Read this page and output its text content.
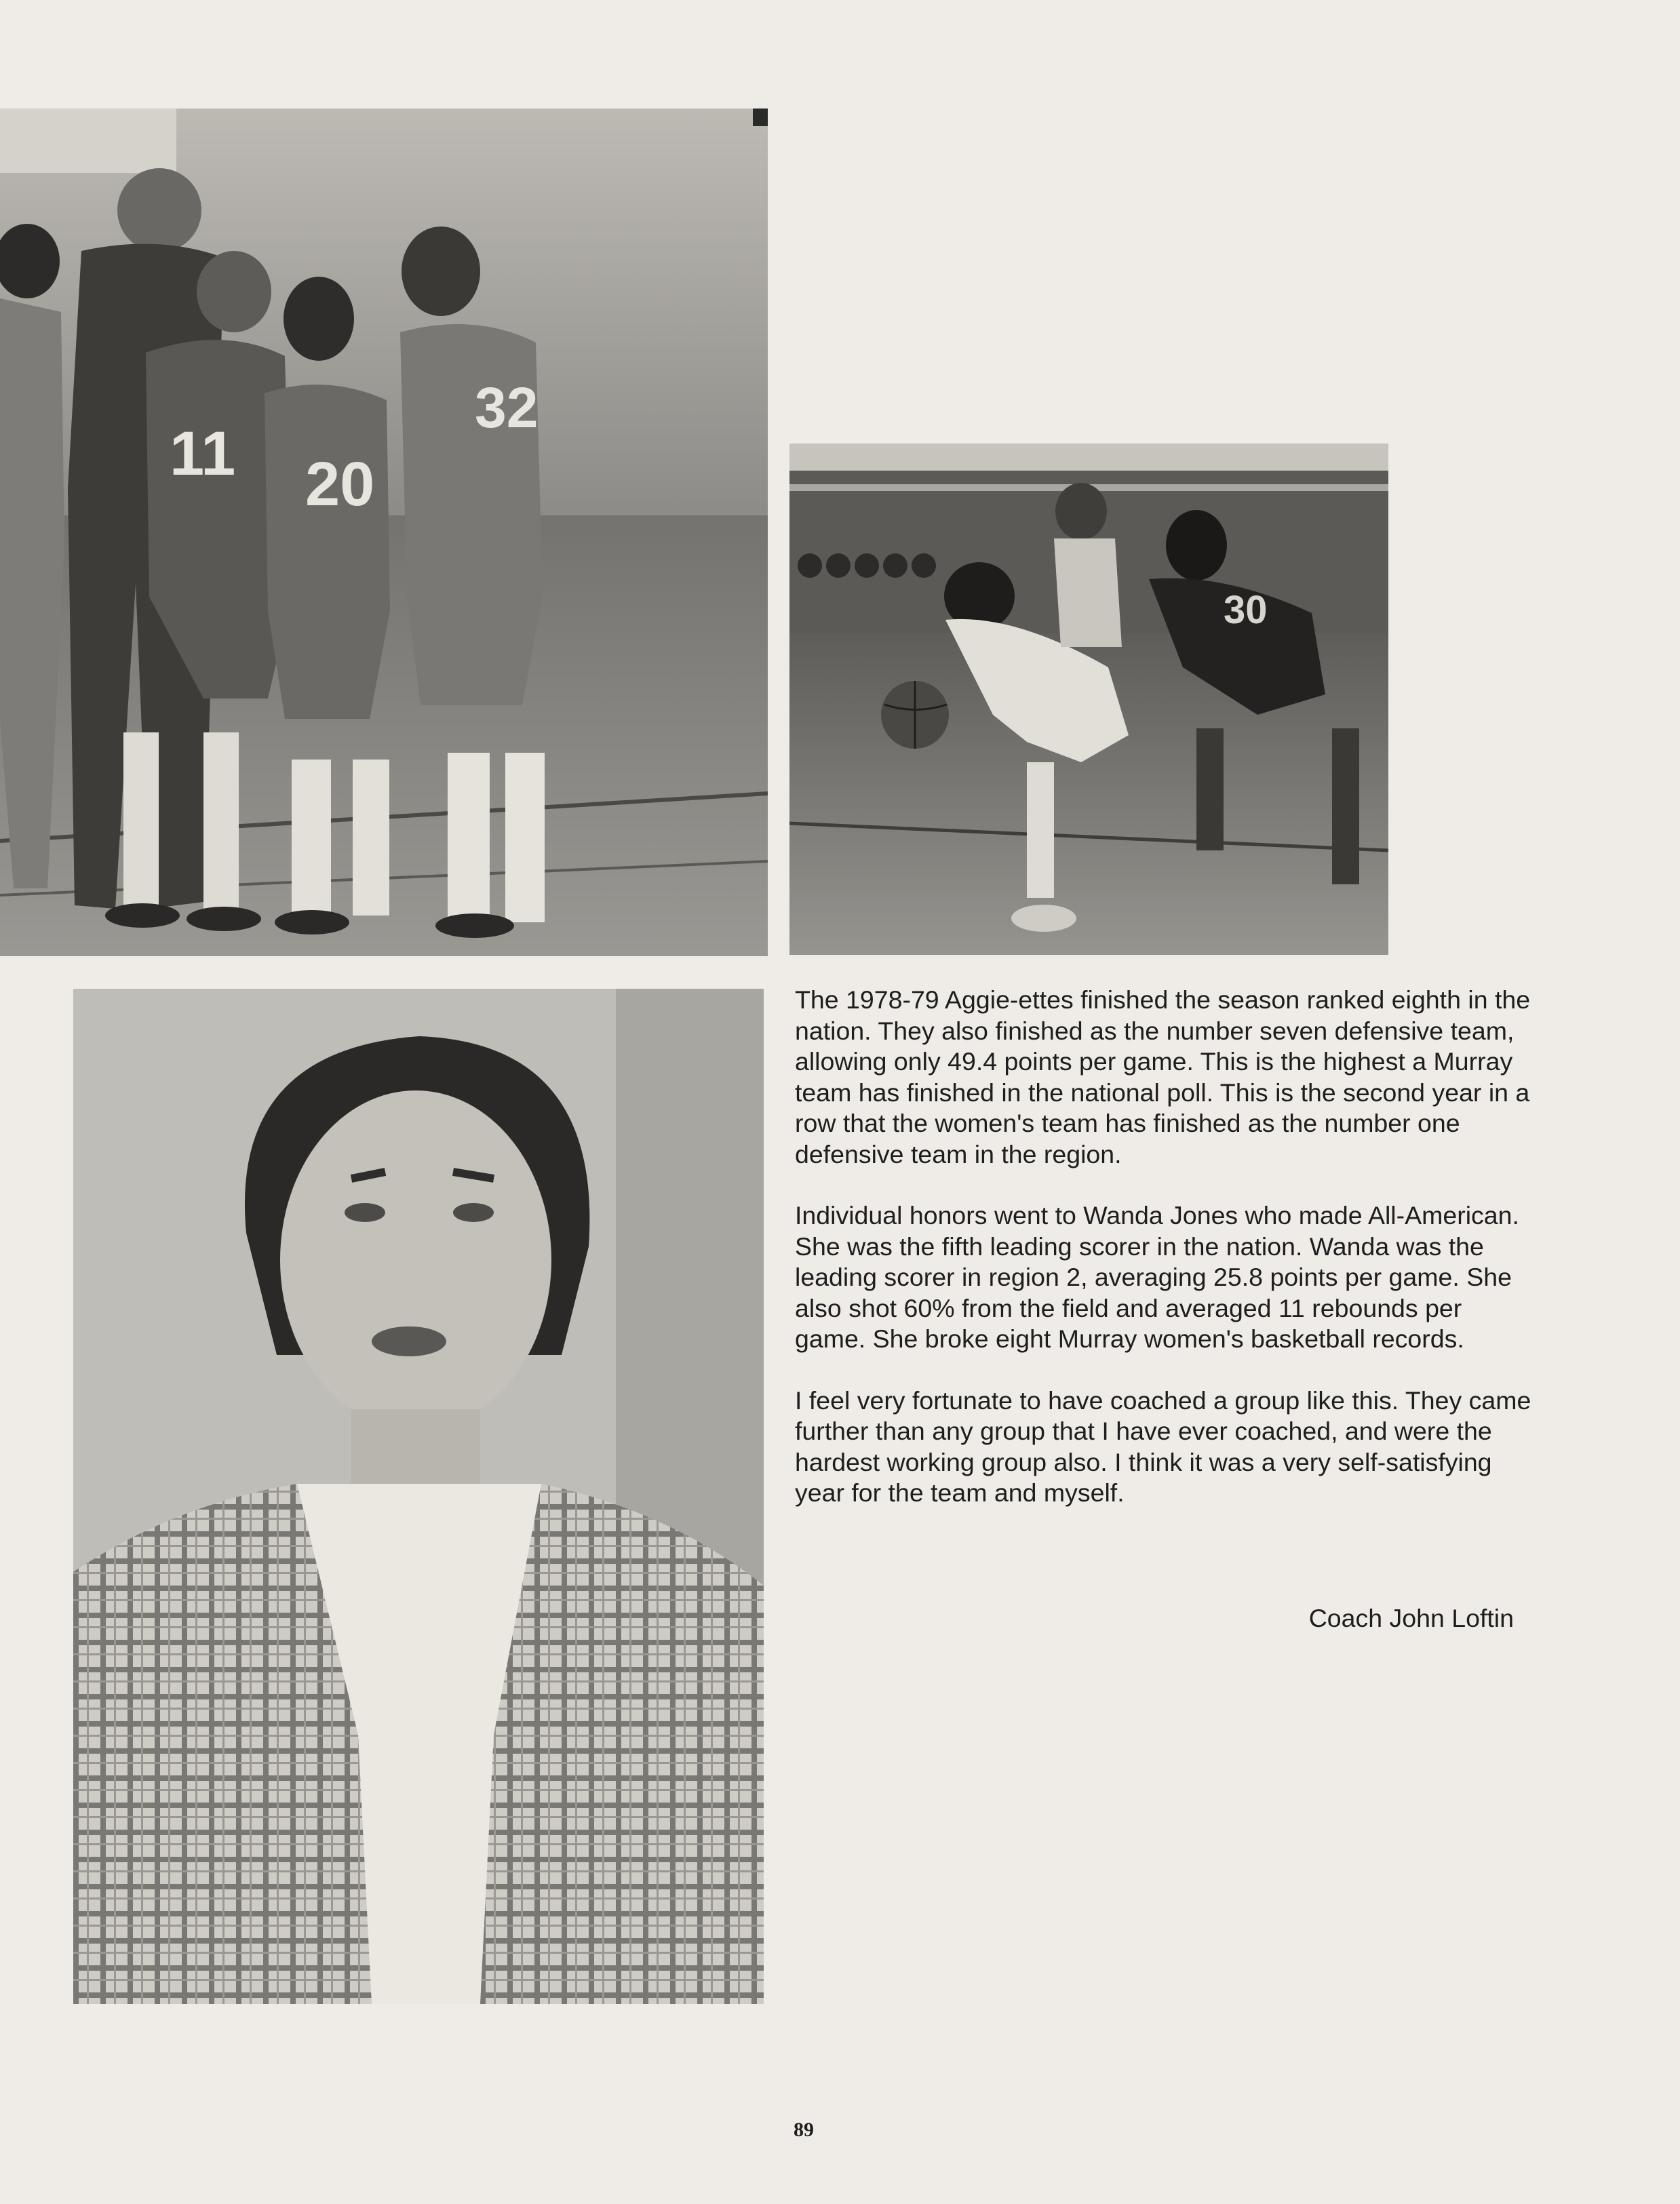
11 20
32
30

The 1978-79 Aggie-ettes finished the season ranked eighth in the nation. They also finished as the number seven defensive team, allowing only 49.4 points per game. This is the highest a Murray team has finished in the national poll. This is the second year in a row that the women's team has finished as the number one defensive team in the region.

Individual honors went to Wanda Jones who made All-American. She was the fifth leading scorer in the nation. Wanda was the leading scorer in region 2, averaging 25.8 points per game. She also shot 60% from the field and averaged 11 rebounds per game. She broke eight Murray women's basketball records.

I feel very fortunate to have coached a group like this. They came further than any group that I have ever coached, and were the hardest working group also. I think it was a very self-satisfying year for the team and myself.

Coach John Loftin
89
